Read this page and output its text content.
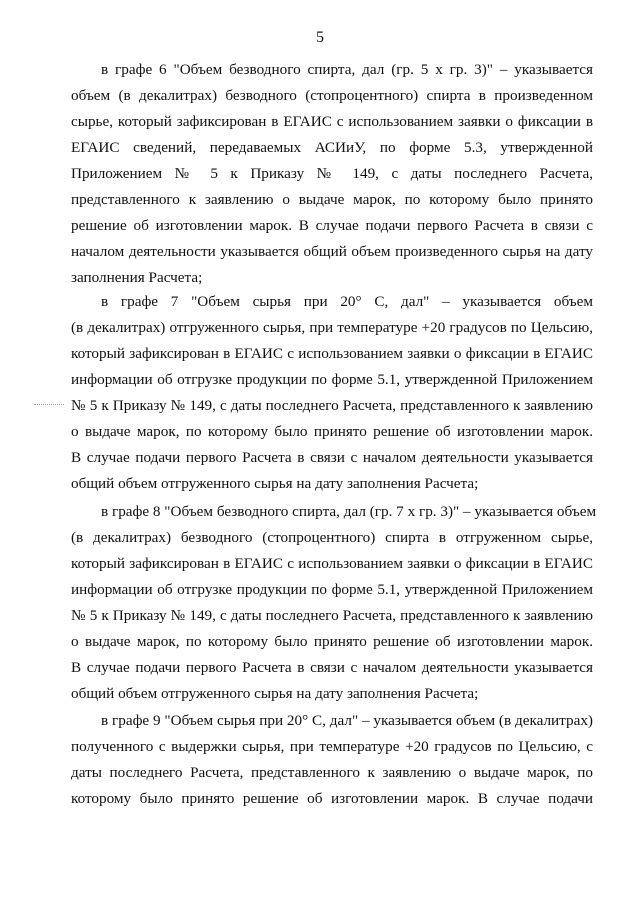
5
в графе 6 "Объем безводного спирта, дал (гр. 5 х гр. 3)" – указывается
объем (в декалитрах) безводного (стопроцентного) спирта в произведенном
сырье, который зафиксирован в ЕГАИС с использованием заявки о фиксации в
ЕГАИС сведений, передаваемых АСИиУ, по форме 5.3, утвержденной
Приложением № 5 к Приказу № 149, с даты последнего Расчета,
представленного к заявлению о выдаче марок, по которому было принято
решение об изготовлении марок. В случае подачи первого Расчета в связи с
началом деятельности указывается общий объем произведенного сырья на дату
заполнения Расчета;
в графе 7 "Объем сырья при 20° С, дал" – указывается объем
(в декалитрах) отгруженного сырья, при температуре +20 градусов по Цельсию,
который зафиксирован в ЕГАИС с использованием заявки о фиксации в ЕГАИС
информации об отгрузке продукции по форме 5.1, утвержденной Приложением
№ 5 к Приказу № 149, с даты последнего Расчета, представленного к заявлению
о выдаче марок, по которому было принято решение об изготовлении марок.
В случае подачи первого Расчета в связи с началом деятельности указывается
общий объем отгруженного сырья на дату заполнения Расчета;
в графе 8 "Объем безводного спирта, дал (гр. 7 х гр. 3)" – указывается объем
(в декалитрах) безводного (стопроцентного) спирта в отгруженном сырье,
который зафиксирован в ЕГАИС с использованием заявки о фиксации в ЕГАИС
информации об отгрузке продукции по форме 5.1, утвержденной Приложением
№ 5 к Приказу № 149, с даты последнего Расчета, представленного к заявлению
о выдаче марок, по которому было принято решение об изготовлении марок.
В случае подачи первого Расчета в связи с началом деятельности указывается
общий объем отгруженного сырья на дату заполнения Расчета;
в графе 9 "Объем сырья при 20° С, дал" – указывается объем (в декалитрах)
полученного с выдержки сырья, при температуре +20 градусов по Цельсию, с
даты последнего Расчета, представленного к заявлению о выдаче марок, по
которому было принято решение об изготовлении марок. В случае подачи
